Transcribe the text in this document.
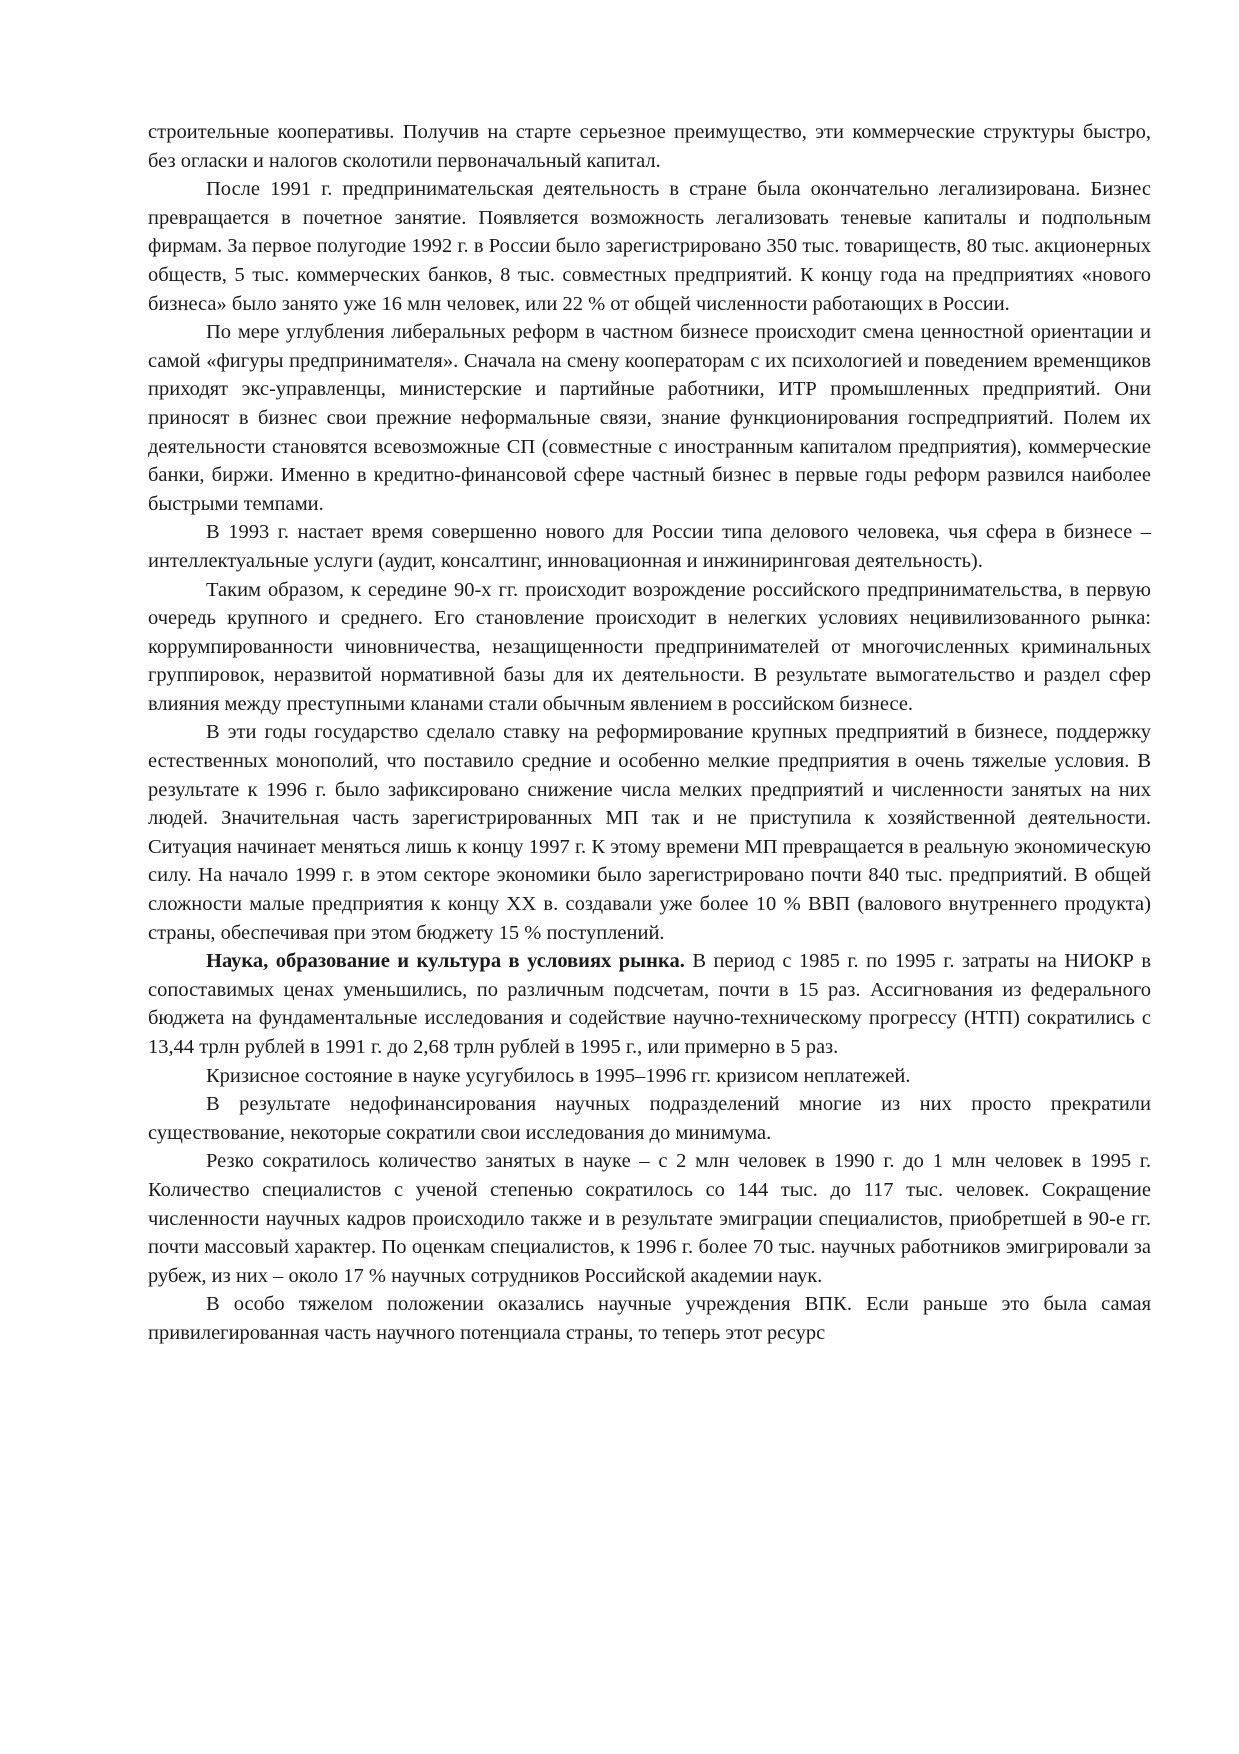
строительные кооперативы. Получив на старте серьезное преимущество, эти коммерческие структуры быстро, без огласки и налогов сколотили первоначальный капитал.

После 1991 г. предпринимательская деятельность в стране была окончательно легализирована. Бизнес превращается в почетное занятие. Появляется возможность легализовать теневые капиталы и подпольным фирмам. За первое полугодие 1992 г. в России было зарегистрировано 350 тыс. товариществ, 80 тыс. акционерных обществ, 5 тыс. коммерческих банков, 8 тыс. совместных предприятий. К концу года на предприятиях «нового бизнеса» было занято уже 16 млн человек, или 22 % от общей численности работающих в России.

По мере углубления либеральных реформ в частном бизнесе происходит смена ценностной ориентации и самой «фигуры предпринимателя». Сначала на смену кооператорам с их психологией и поведением временщиков приходят экс-управленцы, министерские и партийные работники, ИТР промышленных предприятий. Они приносят в бизнес свои прежние неформальные связи, знание функционирования госпредприятий. Полем их деятельности становятся всевозможные СП (совместные с иностранным капиталом предприятия), коммерческие банки, биржи. Именно в кредитно-финансовой сфере частный бизнес в первые годы реформ развился наиболее быстрыми темпами.

В 1993 г. настает время совершенно нового для России типа делового человека, чья сфера в бизнесе – интеллектуальные услуги (аудит, консалтинг, инновационная и инжиниринговая деятельность).

Таким образом, к середине 90-х гг. происходит возрождение российского предпринимательства, в первую очередь крупного и среднего. Его становление происходит в нелегких условиях нецивилизованного рынка: коррумпированности чиновничества, незащищенности предпринимателей от многочисленных криминальных группировок, неразвитой нормативной базы для их деятельности. В результате вымогательство и раздел сфер влияния между преступными кланами стали обычным явлением в российском бизнесе.

В эти годы государство сделало ставку на реформирование крупных предприятий в бизнесе, поддержку естественных монополий, что поставило средние и особенно мелкие предприятия в очень тяжелые условия. В результате к 1996 г. было зафиксировано снижение числа мелких предприятий и численности занятых на них людей. Значительная часть зарегистрированных МП так и не приступила к хозяйственной деятельности. Ситуация начинает меняться лишь к концу 1997 г. К этому времени МП превращается в реальную экономическую силу. На начало 1999 г. в этом секторе экономики было зарегистрировано почти 840 тыс. предприятий. В общей сложности малые предприятия к концу XX в. создавали уже более 10 % ВВП (валового внутреннего продукта) страны, обеспечивая при этом бюджету 15 % поступлений.

Наука, образование и культура в условиях рынка. В период с 1985 г. по 1995 г. затраты на НИОКР в сопоставимых ценах уменьшились, по различным подсчетам, почти в 15 раз. Ассигнования из федерального бюджета на фундаментальные исследования и содействие научно-техническому прогрессу (НТП) сократились с 13,44 трлн рублей в 1991 г. до 2,68 трлн рублей в 1995 г., или примерно в 5 раз.

Кризисное состояние в науке усугубилось в 1995–1996 гг. кризисом неплатежей.

В результате недофинансирования научных подразделений многие из них просто прекратили существование, некоторые сократили свои исследования до минимума.

Резко сократилось количество занятых в науке – с 2 млн человек в 1990 г. до 1 млн человек в 1995 г. Количество специалистов с ученой степенью сократилось со 144 тыс. до 117 тыс. человек. Сокращение численности научных кадров происходило также и в результате эмиграции специалистов, приобретшей в 90-е гг. почти массовый характер. По оценкам специалистов, к 1996 г. более 70 тыс. научных работников эмигрировали за рубеж, из них – около 17 % научных сотрудников Российской академии наук.

В особо тяжелом положении оказались научные учреждения ВПК. Если раньше это была самая привилегированная часть научного потенциала страны, то теперь этот ресурс
